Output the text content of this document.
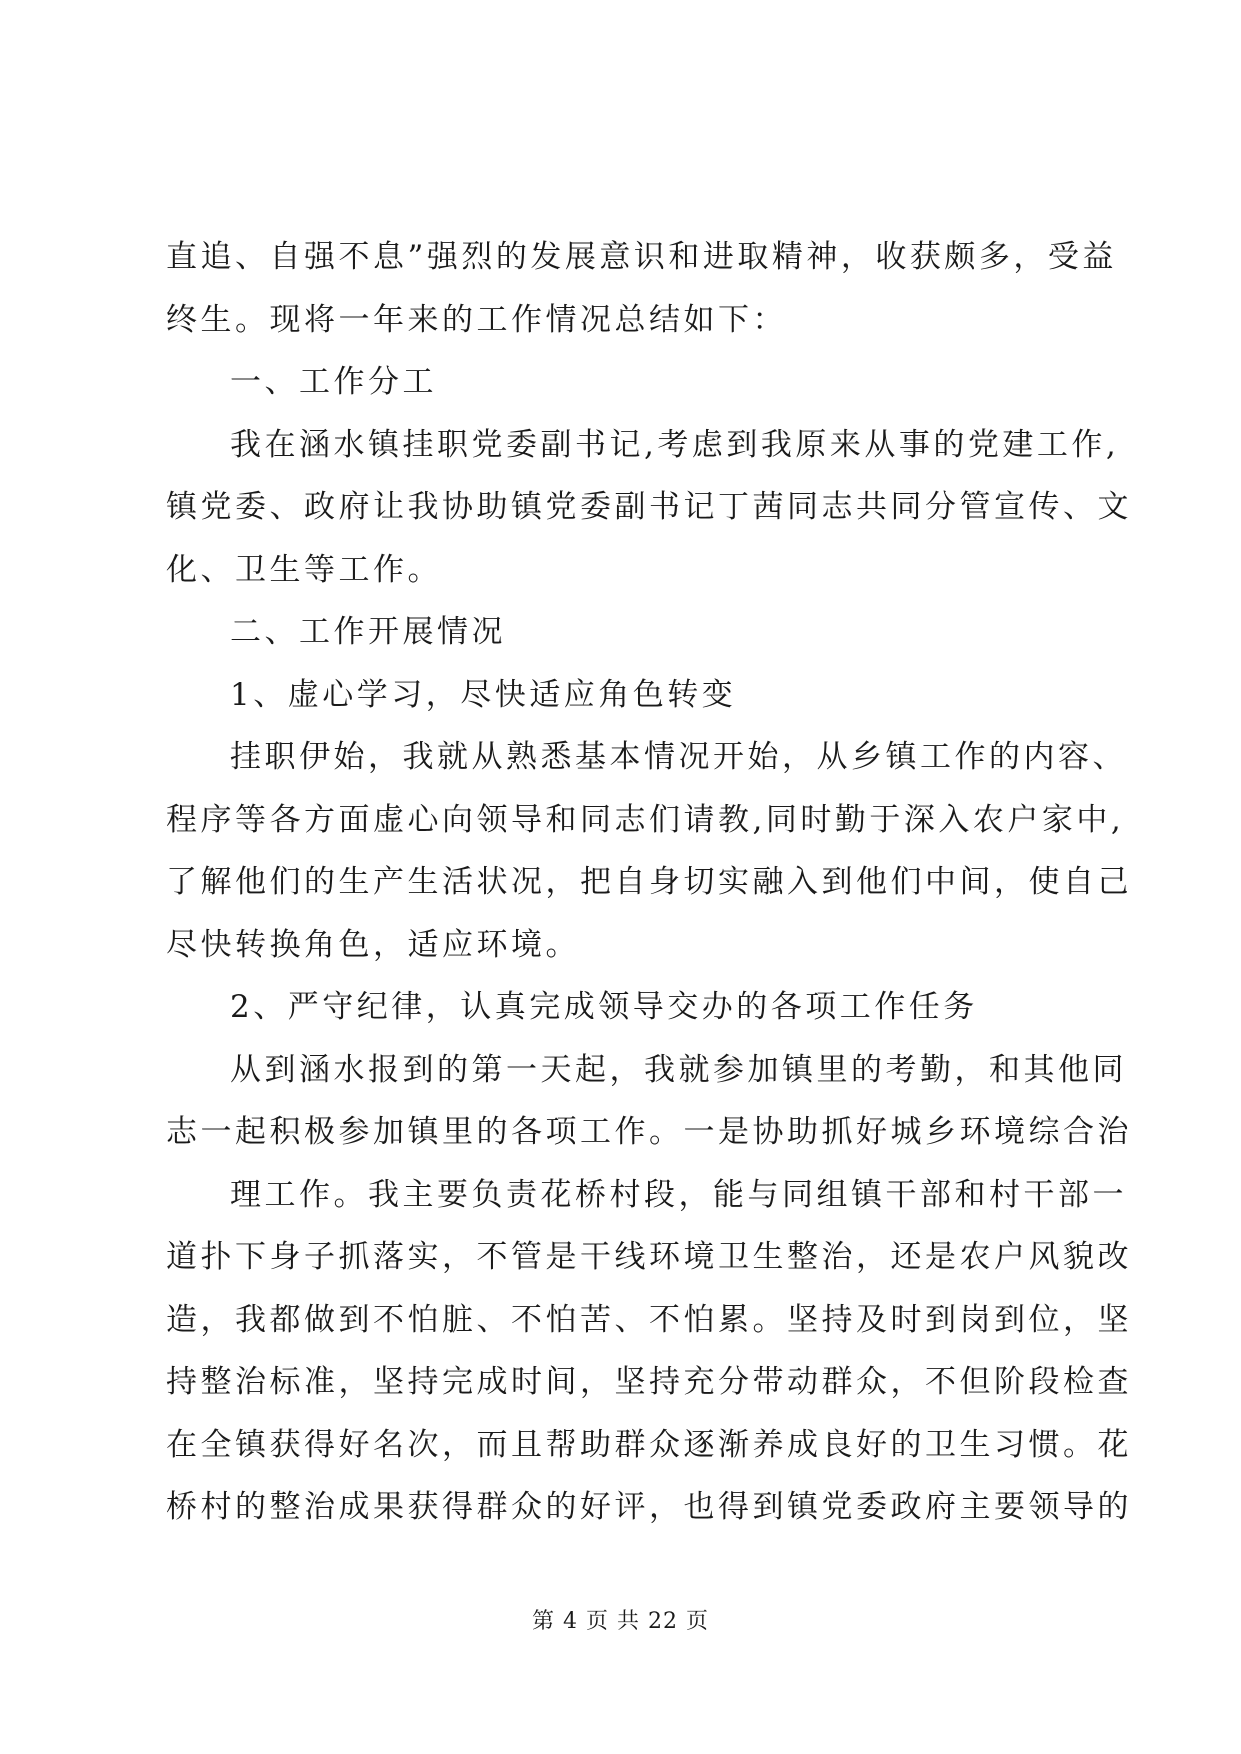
直追、自强不息”强烈的发展意识和进取精神，收获颇多，受益
终生。现将一年来的工作情况总结如下：
一、工作分工
我在涵水镇挂职党委副书记,考虑到我原来从事的党建工作,
镇党委、政府让我协助镇党委副书记丁茜同志共同分管宣传、文
化、卫生等工作。
二、工作开展情况
1、虚心学习，尽快适应角色转变
挂职伊始，我就从熟悉基本情况开始，从乡镇工作的内容、
程序等各方面虚心向领导和同志们请教,同时勤于深入农户家中,
了解他们的生产生活状况，把自身切实融入到他们中间，使自己
尽快转换角色，适应环境。
2、严守纪律，认真完成领导交办的各项工作任务
从到涵水报到的第一天起，我就参加镇里的考勤，和其他同
志一起积极参加镇里的各项工作。一是协助抓好城乡环境综合治
理工作。我主要负责花桥村段，能与同组镇干部和村干部一
道扑下身子抓落实，不管是干线环境卫生整治，还是农户风貌改
造，我都做到不怕脏、不怕苦、不怕累。坚持及时到岗到位，坚
持整治标准，坚持完成时间，坚持充分带动群众，不但阶段检查
在全镇获得好名次，而且帮助群众逐渐养成良好的卫生习惯。花
桥村的整治成果获得群众的好评，也得到镇党委政府主要领导的
第 4 页 共 22 页
